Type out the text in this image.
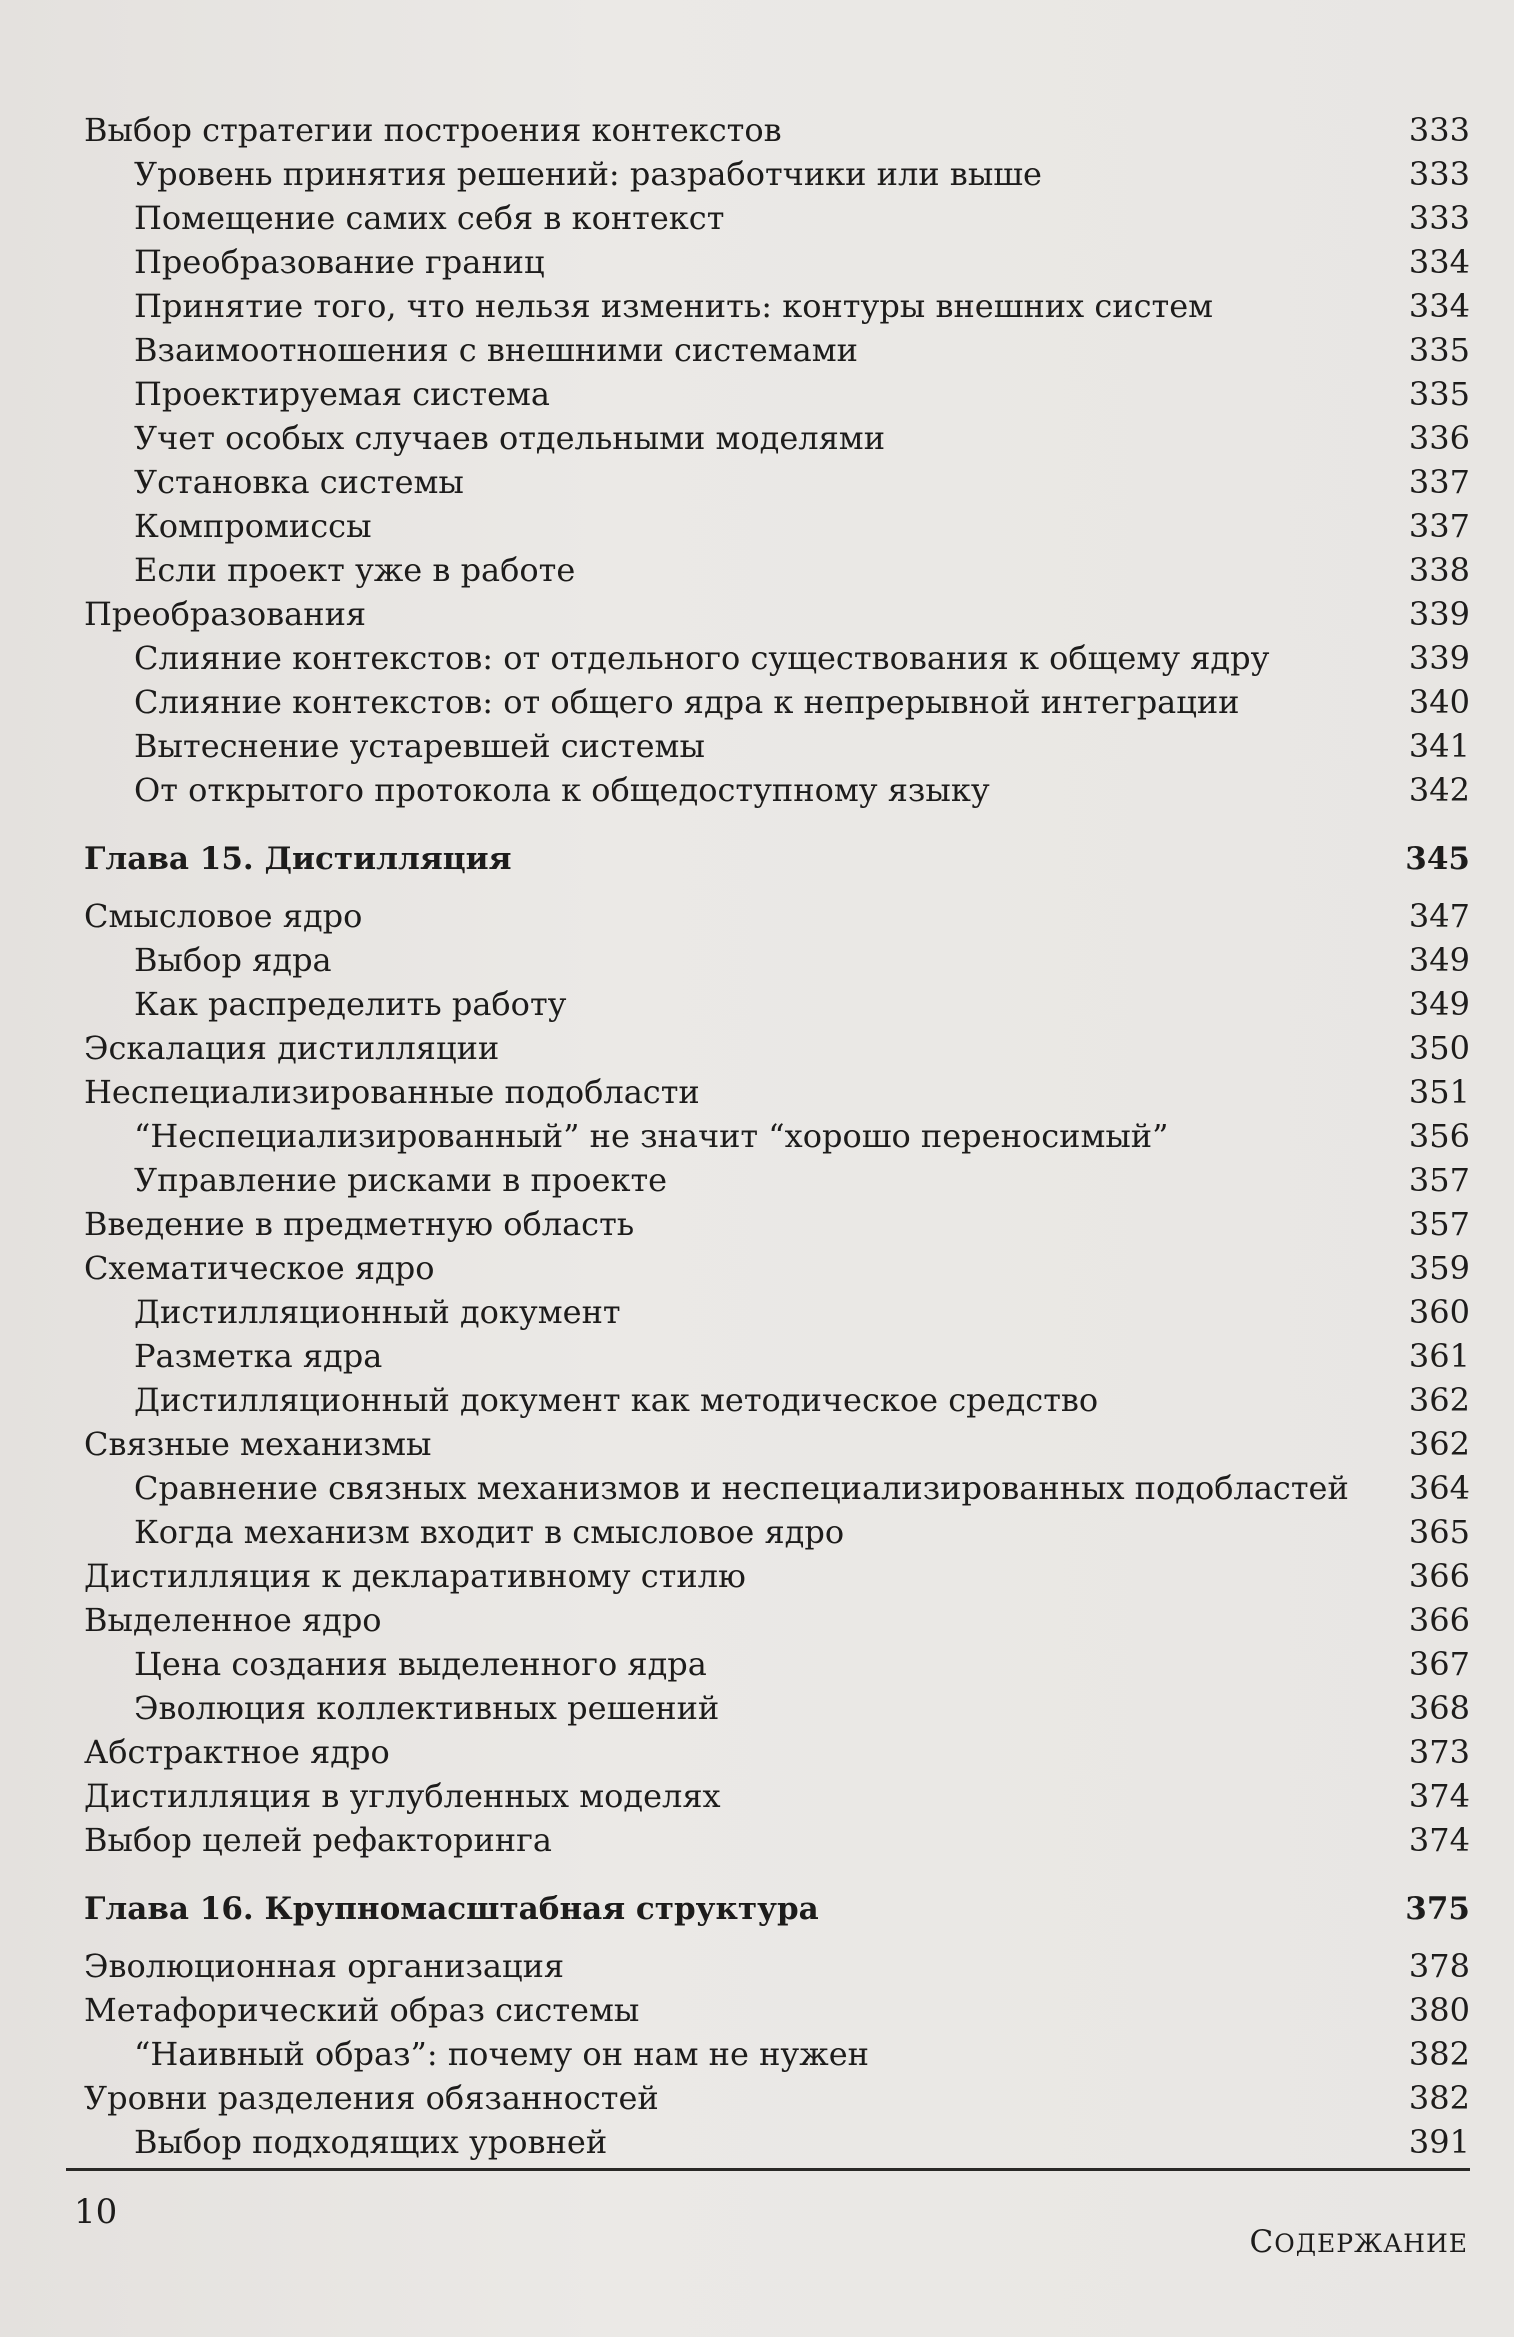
Выбор стратегии построения контекстов	333
Уровень принятия решений: разработчики или выше	333
Помещение самих себя в контекст	333
Преобразование границ	334
Принятие того, что нельзя изменить: контуры внешних систем	334
Взаимоотношения с внешними системами	335
Проектируемая система	335
Учет особых случаев отдельными моделями	336
Установка системы	337
Компромиссы	337
Если проект уже в работе	338
Преобразования	339
Слияние контекстов: от отдельного существования к общему ядру	339
Слияние контекстов: от общего ядра к непрерывной интеграции	340
Вытеснение устаревшей системы	341
От открытого протокола к общедоступному языку	342
Глава 15. Дистилляция	345
Смысловое ядро	347
Выбор ядра	349
Как распределить работу	349
Эскалация дистилляции	350
Неспециализированные подобласти	351
“Неспециализированный” не значит “хорошо переносимый”	356
Управление рисками в проекте	357
Введение в предметную область	357
Схематическое ядро	359
Дистилляционный документ	360
Разметка ядра	361
Дистилляционный документ как методическое средство	362
Связные механизмы	362
Сравнение связных механизмов и неспециализированных подобластей 364
Когда механизм входит в смысловое ядро	365
Дистилляция к декларативному стилю	366
Выделенное ядро	366
Цена создания выделенного ядра	367
Эволюция коллективных решений	368
Абстрактное ядро	373
Дистилляция в углубленных моделях	374
Выбор целей рефакторинга	374
Глава 16. Крупномасштабная структура	375
Эволюционная организация	378
Метафорический образ системы	380
“Наивный образ”: почему он нам не нужен	382
Уровни разделения обязанностей	382
Выбор подходящих уровней	391
10
СОДЕРЖАНИЕ
